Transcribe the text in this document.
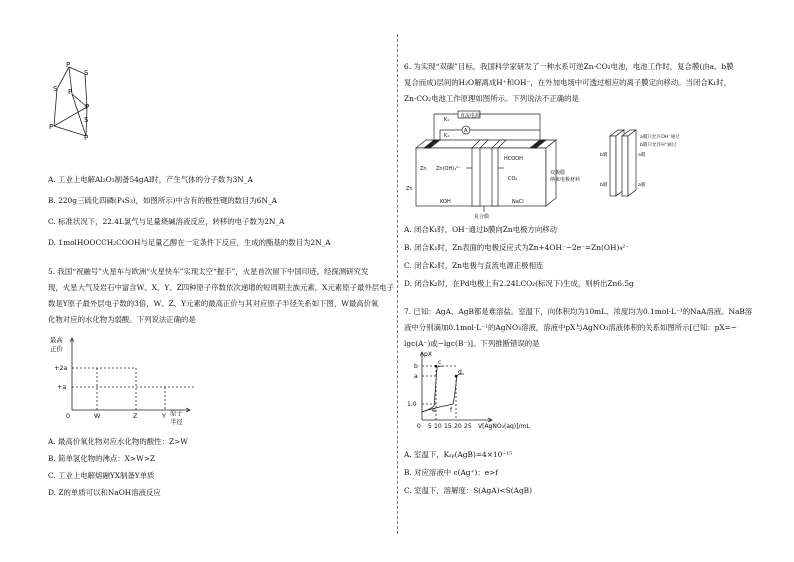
P
S
S P
P
P
S
P
A. 工业上电解Al₂O₃制备54gAl时，产生气体的分子数为3N_A
B. 220g三硫化四磷(P₄S₃)，如图所示)中含有的极性键的数目为6N_A
C. 标准状况下，22.4L氯气与足量烧碱溶液反应，转移的电子数为2N_A
D. 1molHOOCCH₂COOH与足量乙醇在一定条件下反应，生成的酯基的数目为2N_A
5. 我国“祝融号”火星车与欧洲“火星快车”实现太空“握手”，火星首次留下中国印迹。经探测研究发
现，火星大气及岩石中富含W、X、Y、Z四种原子序数依次递增的短周期主族元素，X元素原子最外层电子
数是Y原子最外层电子数的3倍，W、Z、Y元素的最高正价与其对应原子半径关系如下图，W最高价氧
化物对应的水化物为弱酸。下列说法正确的是
最高
正价
+2a
+a
0	W	Z	Y 原子
半径
A. 最高价氧化物对应水化物的酸性：Z>W
B. 简单氢化物的沸点：X>W>Z
C. 工业上电解熔融YX制备Y单质
D. Z的单质可以和NaOH溶液反应
6. 为实现“双碳”目标，我国科学家研发了一种水系可逆Zn-CO₂电池，电池工作时，复合膜(由a、b膜
复合而成)层间的H₂O解离成H⁺和OH⁻，在外加电场中可透过相应的离子膜定向移动。当闭合K₁时，
Zn-CO₂电池工作原理如图所示。下列说法不正确的是
直流电源
K₁
K₂
A
Zn
Zn(OH)₄²⁻
Zn
HCOOH
CO₂
双极膜
纳米电极材料
KOH	NaCl
复合膜
a膜只允许OH⁻通过
b膜只允许H⁺通过
b膜	a膜
b膜	a膜
A. 闭合K₁时，OH⁻通过b膜向Zn电极方向移动
B. 闭合K₁时，Zn表面的电极反应式为Zn+4OH⁻−2e⁻=Zn(OH)₄²⁻
C. 闭合K₂时，Zn电极与直流电源正极相连
D. 闭合K₂时，在Pd电极上有2.24LCO₂(标况下)生成，则析出Zn6.5g
7. 已知：AgA、AgB都是难溶盐。室温下，向体积均为10mL、浓度均为0.1mol·L⁻¹的NaA溶液、NaB溶
液中分别滴加0.1mol·L⁻¹的AgNO₃溶液，溶液中pX与AgNO₃溶液体积的关系如图所示[已知：pX=−
lgc(A⁻)或−lgc(B⁻)]。下列推断错误的是
pX
b
a
1.0
0 5 10 15 20 25 V[AgNO₃(aq)]/mL
c
d
e f
A. 室温下，Kₛₚ(AgB)=4×10⁻¹⁵
B. 对应溶液中 c(Ag⁺)：e>f
C. 室温下，溶解度：S(AgA)<S(AgB)
